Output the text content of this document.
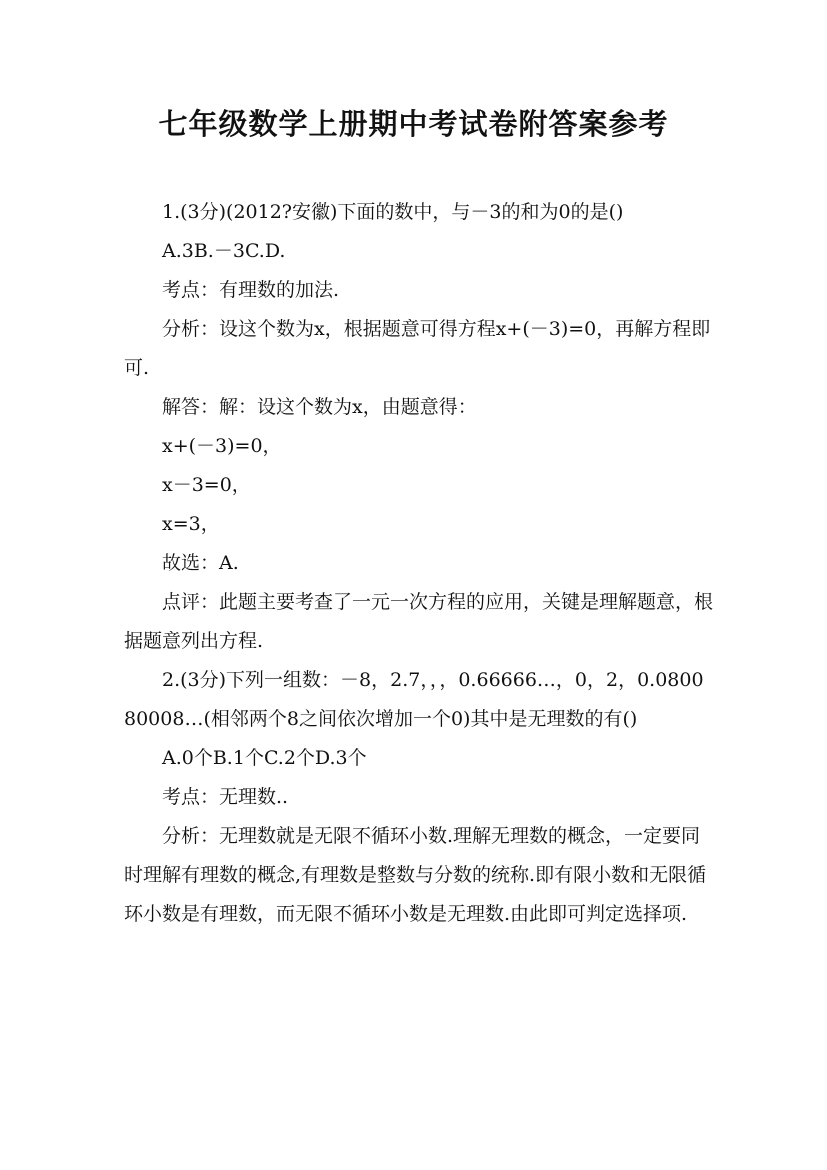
七年级数学上册期中考试卷附答案参考

1.(3分)(2012?安徽)下面的数中，与－3的和为0的是()

A.3B.－3C.D.

考点：有理数的加法.

分析：设这个数为x，根据题意可得方程x+(－3)=0，再解方程即可.

解答：解：设这个数为x，由题意得：

x+(－3)=0，

x－3=0，

x=3，

故选：A.

点评：此题主要考查了一元一次方程的应用，关键是理解题意，根据题意列出方程.

2.(3分)下列一组数：－8，2.7，，，0.66666…，0，2，0.080080008…(相邻两个8之间依次增加一个0)其中是无理数的有()

A.0个B.1个C.2个D.3个

考点：无理数..

分析：无理数就是无限不循环小数.理解无理数的概念，一定要同时理解有理数的概念,有理数是整数与分数的统称.即有限小数和无限循环小数是有理数，而无限不循环小数是无理数.由此即可判定选择项.
